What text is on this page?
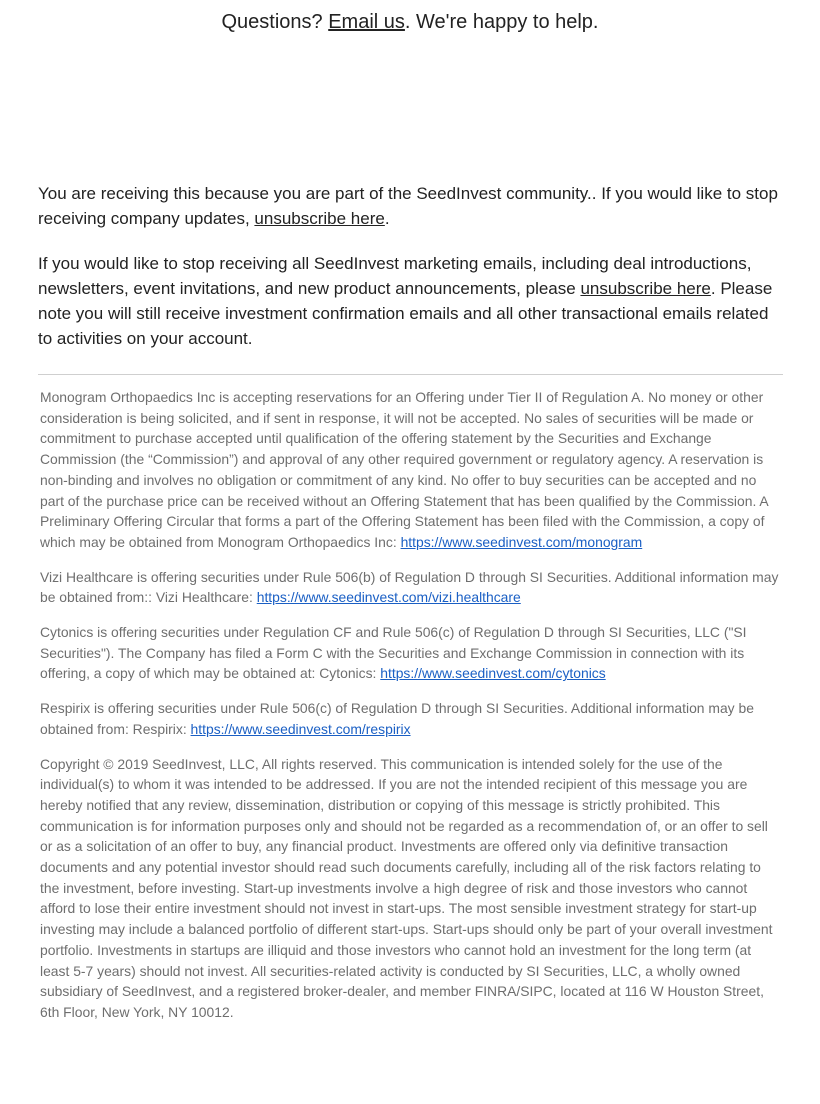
Questions? Email us. We're happy to help.

You are receiving this because you are part of the SeedInvest community.. If you would like to stop receiving company updates, unsubscribe here.

If you would like to stop receiving all SeedInvest marketing emails, including deal introductions, newsletters, event invitations, and new product announcements, please unsubscribe here. Please note you will still receive investment confirmation emails and all other transactional emails related to activities on your account.

Monogram Orthopaedics Inc is accepting reservations for an Offering under Tier II of Regulation A. No money or other consideration is being solicited, and if sent in response, it will not be accepted. No sales of securities will be made or commitment to purchase accepted until qualification of the offering statement by the Securities and Exchange Commission (the “Commission”) and approval of any other required government or regulatory agency. A reservation is non-binding and involves no obligation or commitment of any kind. No offer to buy securities can be accepted and no part of the purchase price can be received without an Offering Statement that has been qualified by the Commission. A Preliminary Offering Circular that forms a part of the Offering Statement has been filed with the Commission, a copy of which may be obtained from Monogram Orthopaedics Inc: https://www.seedinvest.com/monogram

Vizi Healthcare is offering securities under Rule 506(b) of Regulation D through SI Securities. Additional information may be obtained from:: Vizi Healthcare: https://www.seedinvest.com/vizi.healthcare

Cytonics is offering securities under Regulation CF and Rule 506(c) of Regulation D through SI Securities, LLC ("SI Securities"). The Company has filed a Form C with the Securities and Exchange Commission in connection with its offering, a copy of which may be obtained at: Cytonics: https://www.seedinvest.com/cytonics

Respirix is offering securities under Rule 506(c) of Regulation D through SI Securities. Additional information may be obtained from: Respirix: https://www.seedinvest.com/respirix

Copyright © 2019 SeedInvest, LLC, All rights reserved. This communication is intended solely for the use of the individual(s) to whom it was intended to be addressed. If you are not the intended recipient of this message you are hereby notified that any review, dissemination, distribution or copying of this message is strictly prohibited. This communication is for information purposes only and should not be regarded as a recommendation of, or an offer to sell or as a solicitation of an offer to buy, any financial product. Investments are offered only via definitive transaction documents and any potential investor should read such documents carefully, including all of the risk factors relating to the investment, before investing. Start-up investments involve a high degree of risk and those investors who cannot afford to lose their entire investment should not invest in start-ups. The most sensible investment strategy for start-up investing may include a balanced portfolio of different start-ups. Start-ups should only be part of your overall investment portfolio. Investments in startups are illiquid and those investors who cannot hold an investment for the long term (at least 5-7 years) should not invest. All securities-related activity is conducted by SI Securities, LLC, a wholly owned subsidiary of SeedInvest, and a registered broker-dealer, and member FINRA/SIPC, located at 116 W Houston Street, 6th Floor, New York, NY 10012.
